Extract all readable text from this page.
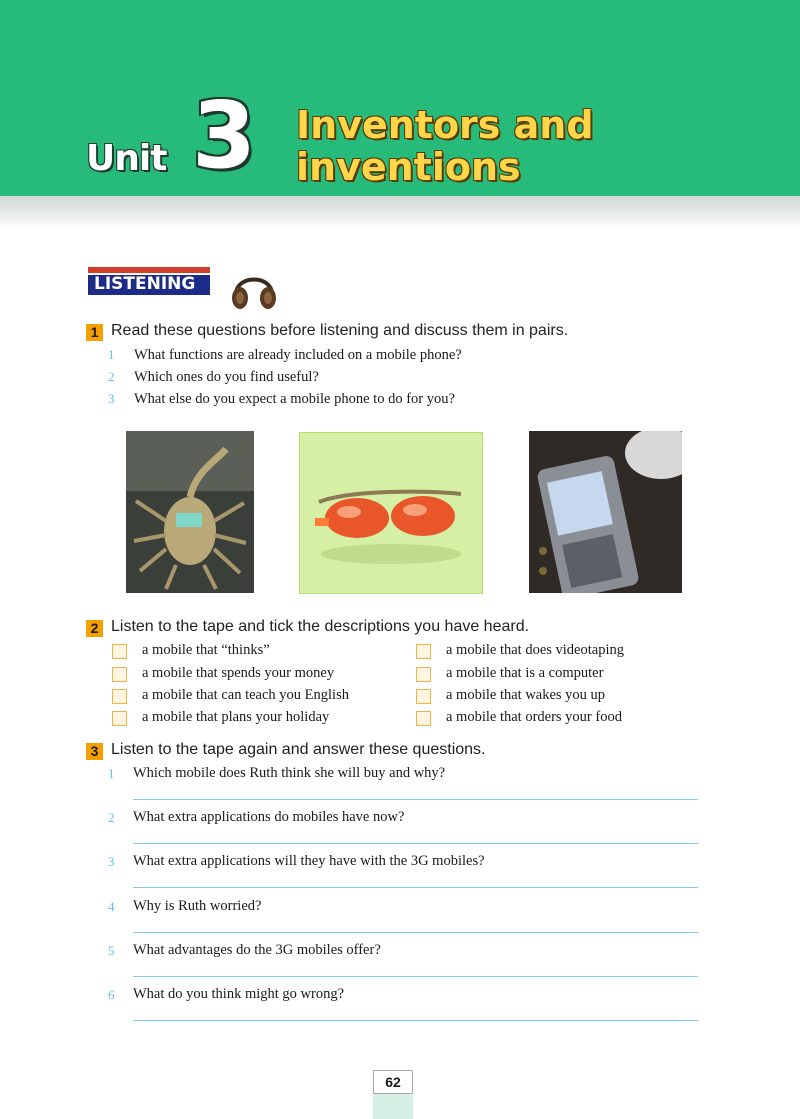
Unit 3 Inventors and
inventions
LISTENING
1 Read these questions before listening and discuss them in pairs.
1 What functions are already included on a mobile phone?
2 Which ones do you find useful?
3 What else do you expect a mobile phone to do for you?
2 Listen to the tape and tick the descriptions you have heard.
a mobile that “thinks”
a mobile that spends your money
a mobile that can teach you English
a mobile that plans your holiday
a mobile that does videotaping
a mobile that is a computer
a mobile that wakes you up
a mobile that orders your food
3 Listen to the tape again and answer these questions.
1 Which mobile does Ruth think she will buy and why?
2 What extra applications do mobiles have now?
3 What extra applications will they have with the 3G mobiles?
4 Why is Ruth worried?
5 What advantages do the 3G mobiles offer?
6 What do you think might go wrong?
62
